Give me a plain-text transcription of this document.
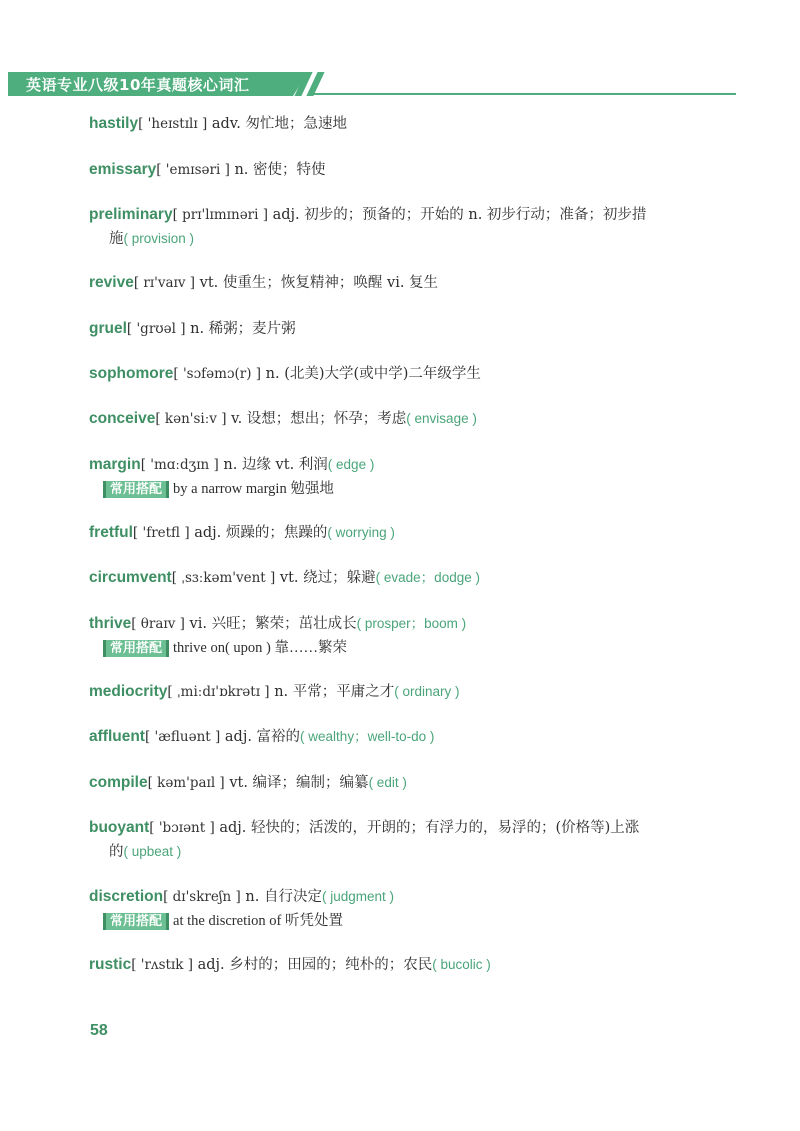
英语专业八级10年真题核心词汇
hastily[ 'heɪstɪlɪ ] adv. 匆忙地；急速地
emissary[ 'emɪsəri ] n. 密使；特使
preliminary[ prɪ'lɪmɪnəri ] adj. 初步的；预备的；开始的 n. 初步行动；准备；初步措
施( provision )
revive[ rɪ'vaɪv ] vt. 使重生；恢复精神；唤醒 vi. 复生
gruel[ 'grʊəl ] n. 稀粥；麦片粥
sophomore[ 'sɔfəmɔ(r) ] n. (北美)大学(或中学)二年级学生
conceive[ kən'siːv ] v. 设想；想出；怀孕；考虑( envisage )
margin[ 'mɑːdʒɪn ] n. 边缘 vt. 利润( edge )
常用搭配 by a narrow margin 勉强地
fretful[ 'fretfl ] adj. 烦躁的；焦躁的( worrying )
circumvent[ ˌsɜːkəm'vent ] vt. 绕过；躲避( evade；dodge )
thrive[ θraɪv ] vi. 兴旺；繁荣；茁壮成长( prosper；boom )
常用搭配 thrive on( upon ) 靠……繁荣
mediocrity[ ˌmiːdɪ'ɒkrətɪ ] n. 平常；平庸之才( ordinary )
affluent[ 'æfluənt ] adj. 富裕的( wealthy；well-to-do )
compile[ kəm'paɪl ] vt. 编译；编制；编纂( edit )
buoyant[ 'bɔɪənt ] adj. 轻快的；活泼的，开朗的；有浮力的，易浮的；(价格等)上涨
的( upbeat )
discretion[ dɪ'skreʃn ] n. 自行决定( judgment )
常用搭配 at the discretion of 听凭处置
rustic[ 'rʌstɪk ] adj. 乡村的；田园的；纯朴的；农民( bucolic )
58
